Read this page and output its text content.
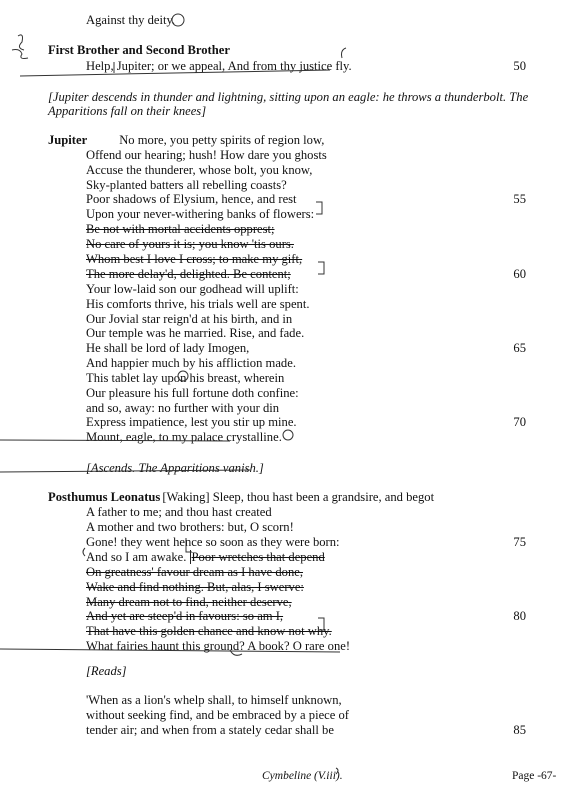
Against thy deity.
First Brother and Second Brother
Help, Jupiter; or we appeal, And from thy justice fly.	50
[Jupiter descends in thunder and lightning, sitting upon an eagle: he throws a thunderbolt. The
Apparitions fall on their knees]
Jupiter	No more, you petty spirits of region low,
Offend our hearing; hush! How dare you ghosts
Accuse the thunderer, whose bolt, you know,
Sky-planted batters all rebelling coasts?
Poor shadows of Elysium, hence, and rest	55
Upon your never-withering banks of flowers:
Be not with mortal accidents opprest;
No care of yours it is; you know 'tis ours.
Whom best I love I cross; to make my gift,
The more delay'd, delighted. Be content;	60
Your low-laid son our godhead will uplift:
His comforts thrive, his trials well are spent.
Our Jovial star reign'd at his birth, and in
Our temple was he married. Rise, and fade.
He shall be lord of lady Imogen,	65
And happier much by his affliction made.
This tablet lay upon his breast, wherein
Our pleasure his full fortune doth confine:
and so, away: no further with your din
Express impatience, lest you stir up mine.	70
Mount, eagle, to my palace crystalline.
[Ascends. The Apparitions vanish.]
Posthumus Leonatus [Waking] Sleep, thou hast been a grandsire, and begot
A father to me; and thou hast created
A mother and two brothers: but, O scorn!
Gone! they went hence so soon as they were born:	75
And so I am awake. Poor wretches that depend
On greatness' favour dream as I have done,
Wake and find nothing. But, alas, I swerve:
Many dream not to find, neither deserve,
And yet are steep'd in favours: so am I,	80
That have this golden chance and know not why.
What fairies haunt this ground? A book? O rare one!
[Reads]
'When as a lion's whelp shall, to himself unknown,
without seeking find, and be embraced by a piece of
tender air; and when from a stately cedar shall be	85
Cymbeline (V.iii).	Page -67-
